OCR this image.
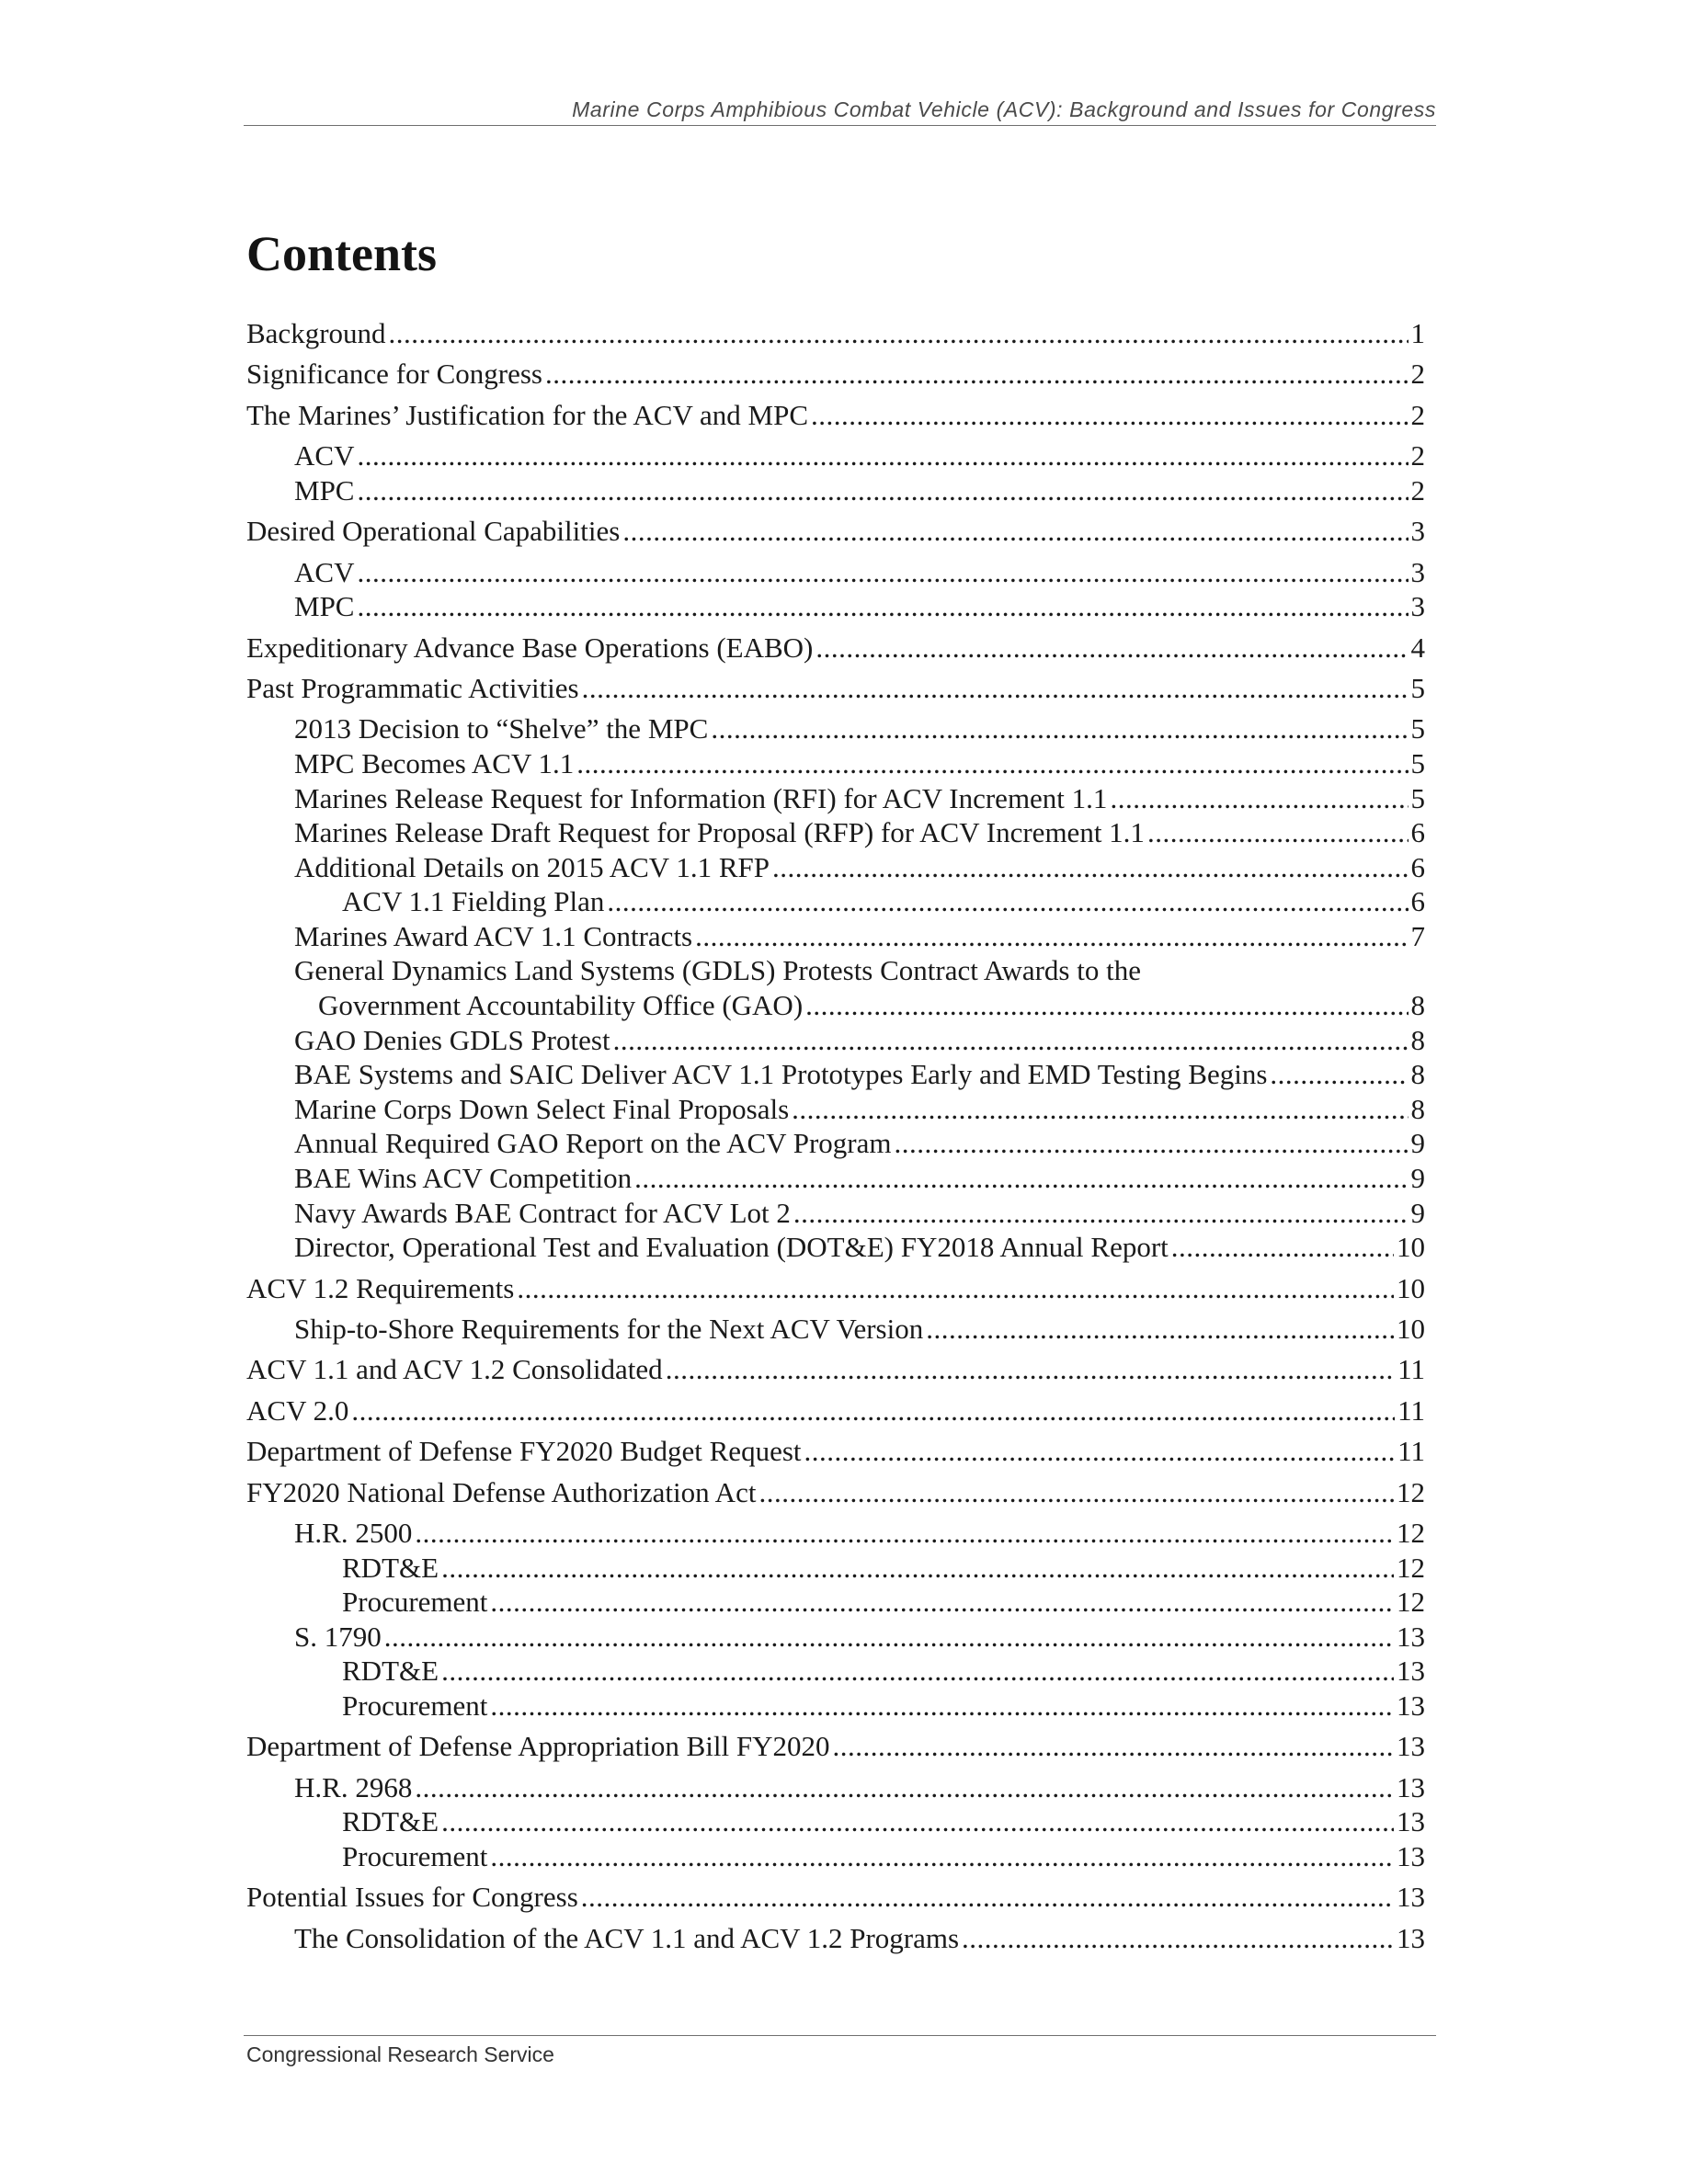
Marine Corps Amphibious Combat Vehicle (ACV): Background and Issues for Congress
Contents
Background .....	1
Significance for Congress .....	2
The Marines’ Justification for the ACV and MPC .....	2
ACV .....	2
MPC .....	2
Desired Operational Capabilities .....	3
ACV .....	3
MPC .....	3
Expeditionary Advance Base Operations (EABO) .....	4
Past Programmatic Activities .....	5
2013 Decision to “Shelve” the MPC .....	5
MPC Becomes ACV 1.1 .....	5
Marines Release Request for Information (RFI) for ACV Increment 1.1 .....	5
Marines Release Draft Request for Proposal (RFP) for ACV Increment 1.1 .....	6
Additional Details on 2015 ACV 1.1 RFP .....	6
ACV 1.1 Fielding Plan .....	6
Marines Award ACV 1.1 Contracts .....	7
General Dynamics Land Systems (GDLS) Protests Contract Awards to the
Government Accountability Office (GAO) .....	8
GAO Denies GDLS Protest .....	8
BAE Systems and SAIC Deliver ACV 1.1 Prototypes Early and EMD Testing Begins .....	8
Marine Corps Down Select Final Proposals .....	8
Annual Required GAO Report on the ACV Program .....	9
BAE Wins ACV Competition .....	9
Navy Awards BAE Contract for ACV Lot 2 .....	9
Director, Operational Test and Evaluation (DOT&E) FY2018 Annual Report .....	10
ACV 1.2 Requirements .....	10
Ship-to-Shore Requirements for the Next ACV Version .....	10
ACV 1.1 and ACV 1.2 Consolidated .....	11
ACV 2.0 .....	11
Department of Defense FY2020 Budget Request .....	11
FY2020 National Defense Authorization Act .....	12
H.R. 2500 .....	12
RDT&E .....	12
Procurement .....	12
S. 1790 .....	13
RDT&E .....	13
Procurement .....	13
Department of Defense Appropriation Bill FY2020 .....	13
H.R. 2968 .....	13
RDT&E .....	13
Procurement .....	13
Potential Issues for Congress .....	13
The Consolidation of the ACV 1.1 and ACV 1.2 Programs .....	13
Congressional Research Service
